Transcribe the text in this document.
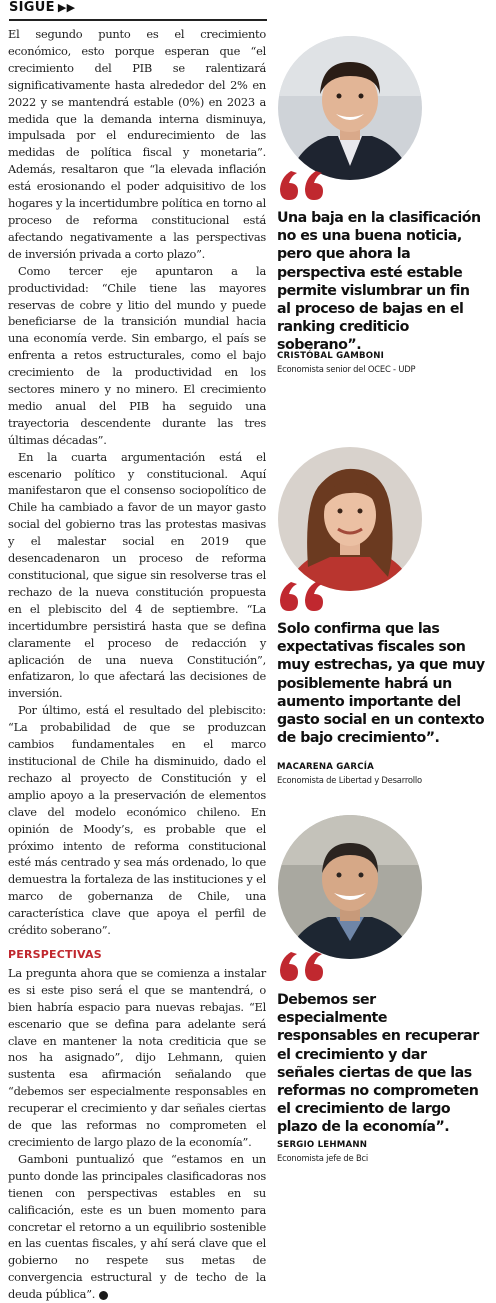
SIGUE ▶▶

El segundo punto es el crecimiento económico, esto porque esperan que “el crecimiento del PIB se ralentizará significativamente hasta alrededor del 2% en 2022 y se mantendrá estable (0%) en 2023 a medida que la demanda interna disminuya, impulsada por el endurecimiento de las medidas de política fiscal y monetaria”. Además, resaltaron que “la elevada inflación está erosionando el poder adquisitivo de los hogares y la incertidumbre política en torno al proceso de reforma constitucional está afectando negativamente a las perspectivas de inversión privada a corto plazo”.

Como tercer eje apuntaron a la productividad: “Chile tiene las mayores reservas de cobre y litio del mundo y puede beneficiarse de la transición mundial hacia una economía verde. Sin embargo, el país se enfrenta a retos estructurales, como el bajo crecimiento de la productividad en los sectores minero y no minero. El crecimiento medio anual del PIB ha seguido una trayectoria descendente durante las tres últimas décadas”.

En la cuarta argumentación está el escenario político y constitucional. Aquí manifestaron que el consenso sociopolítico de Chile ha cambiado a favor de un mayor gasto social del gobierno tras las protestas masivas y el malestar social en 2019 que desencadenaron un proceso de reforma constitucional, que sigue sin resolverse tras el rechazo de la nueva constitución propuesta en el plebiscito del 4 de septiembre. “La incertidumbre persistirá hasta que se defina claramente el proceso de redacción y aplicación de una nueva Constitución”, enfatizaron, lo que afectará las decisiones de inversión.

Por último, está el resultado del plebiscito: “La probabilidad de que se produzcan cambios fundamentales en el marco institucional de Chile ha disminuido, dado el rechazo al proyecto de Constitución y el amplio apoyo a la preservación de elementos clave del modelo económico chileno. En opinión de Moody’s, es probable que el próximo intento de reforma constitucional esté más centrado y sea más ordenado, lo que demuestra la fortaleza de las instituciones y el marco de gobernanza de Chile, una característica clave que apoya el perfil de crédito soberano”.

PERSPECTIVAS

La pregunta ahora que se comienza a instalar es si este piso será el que se mantendrá, o bien habría espacio para nuevas rebajas. “El escenario que se defina para adelante será clave en mantener la nota crediticia que se nos ha asignado”, dijo Lehmann, quien sustenta esa afirmación señalando que “debemos ser especialmente responsables en recuperar el crecimiento y dar señales ciertas de que las reformas no comprometen el crecimiento de largo plazo de la economía”.

Gamboni puntualizó que “estamos en un punto donde las principales clasificadoras nos tienen con perspectivas estables en su calificación, este es un buen momento para concretar el retorno a un equilibrio sostenible en las cuentas fiscales, y ahí será clave que el gobierno no respete sus metas de convergencia estructural y de techo de la deuda pública”. P

Una baja en la clasificación no es una buena noticia, pero que ahora la perspectiva esté estable permite vislumbrar un fin al proceso de bajas en el ranking crediticio soberano”.
CRISTÓBAL GAMBONI
Economista senior del OCEC - UDP
Solo confirma que las expectativas fiscales son muy estrechas, ya que muy posiblemente habrá un aumento importante del gasto social en un contexto de bajo crecimiento”.
MACARENA GARCÍA
Economista de Libertad y Desarrollo
Debemos ser especialmente responsables en recuperar el crecimiento y dar señales ciertas de que las reformas no comprometen el crecimiento de largo plazo de la economía”.
SERGIO LEHMANN
Economista jefe de Bci
